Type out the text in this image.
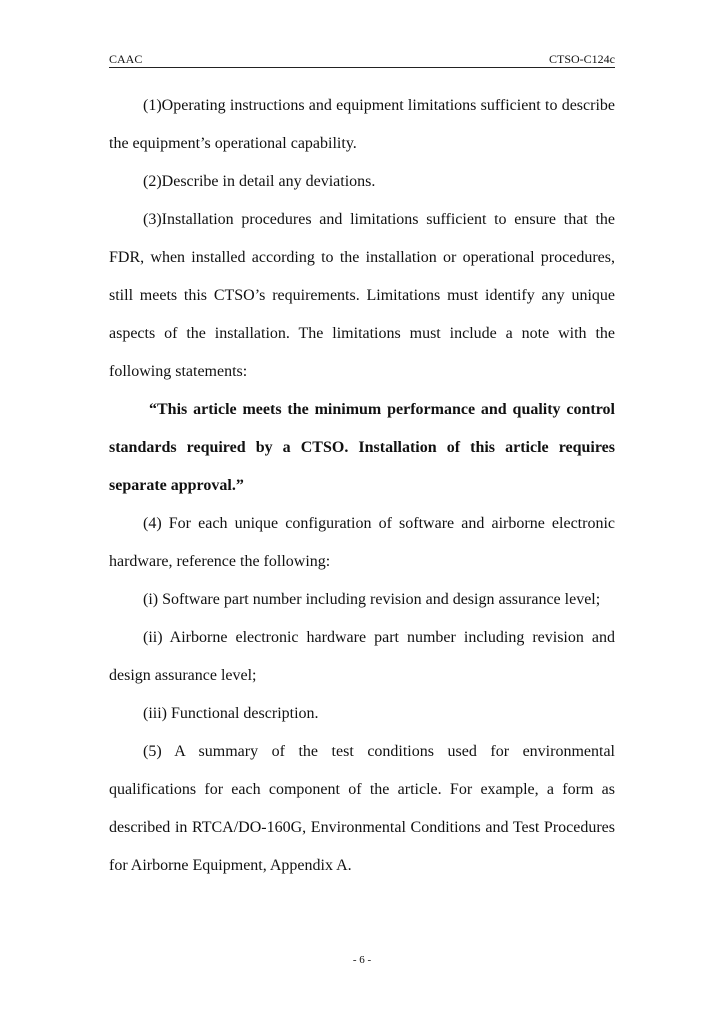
CAAC	CTSO-C124c

(1)Operating instructions and equipment limitations sufficient to describe the equipment’s operational capability.

(2)Describe in detail any deviations.

(3)Installation procedures and limitations sufficient to ensure that the FDR, when installed according to the installation or operational procedures, still meets this CTSO’s requirements. Limitations must identify any unique aspects of the installation. The limitations must include a note with the following statements:

“This article meets the minimum performance and quality control standards required by a CTSO. Installation of this article requires separate approval.”

(4) For each unique configuration of software and airborne electronic hardware, reference the following:

(i) Software part number including revision and design assurance level;

(ii) Airborne electronic hardware part number including revision and design assurance level;

(iii) Functional description.

(5) A summary of the test conditions used for environmental qualifications for each component of the article. For example, a form as described in RTCA/DO-160G, Environmental Conditions and Test Procedures for Airborne Equipment, Appendix A.

- 6 -
